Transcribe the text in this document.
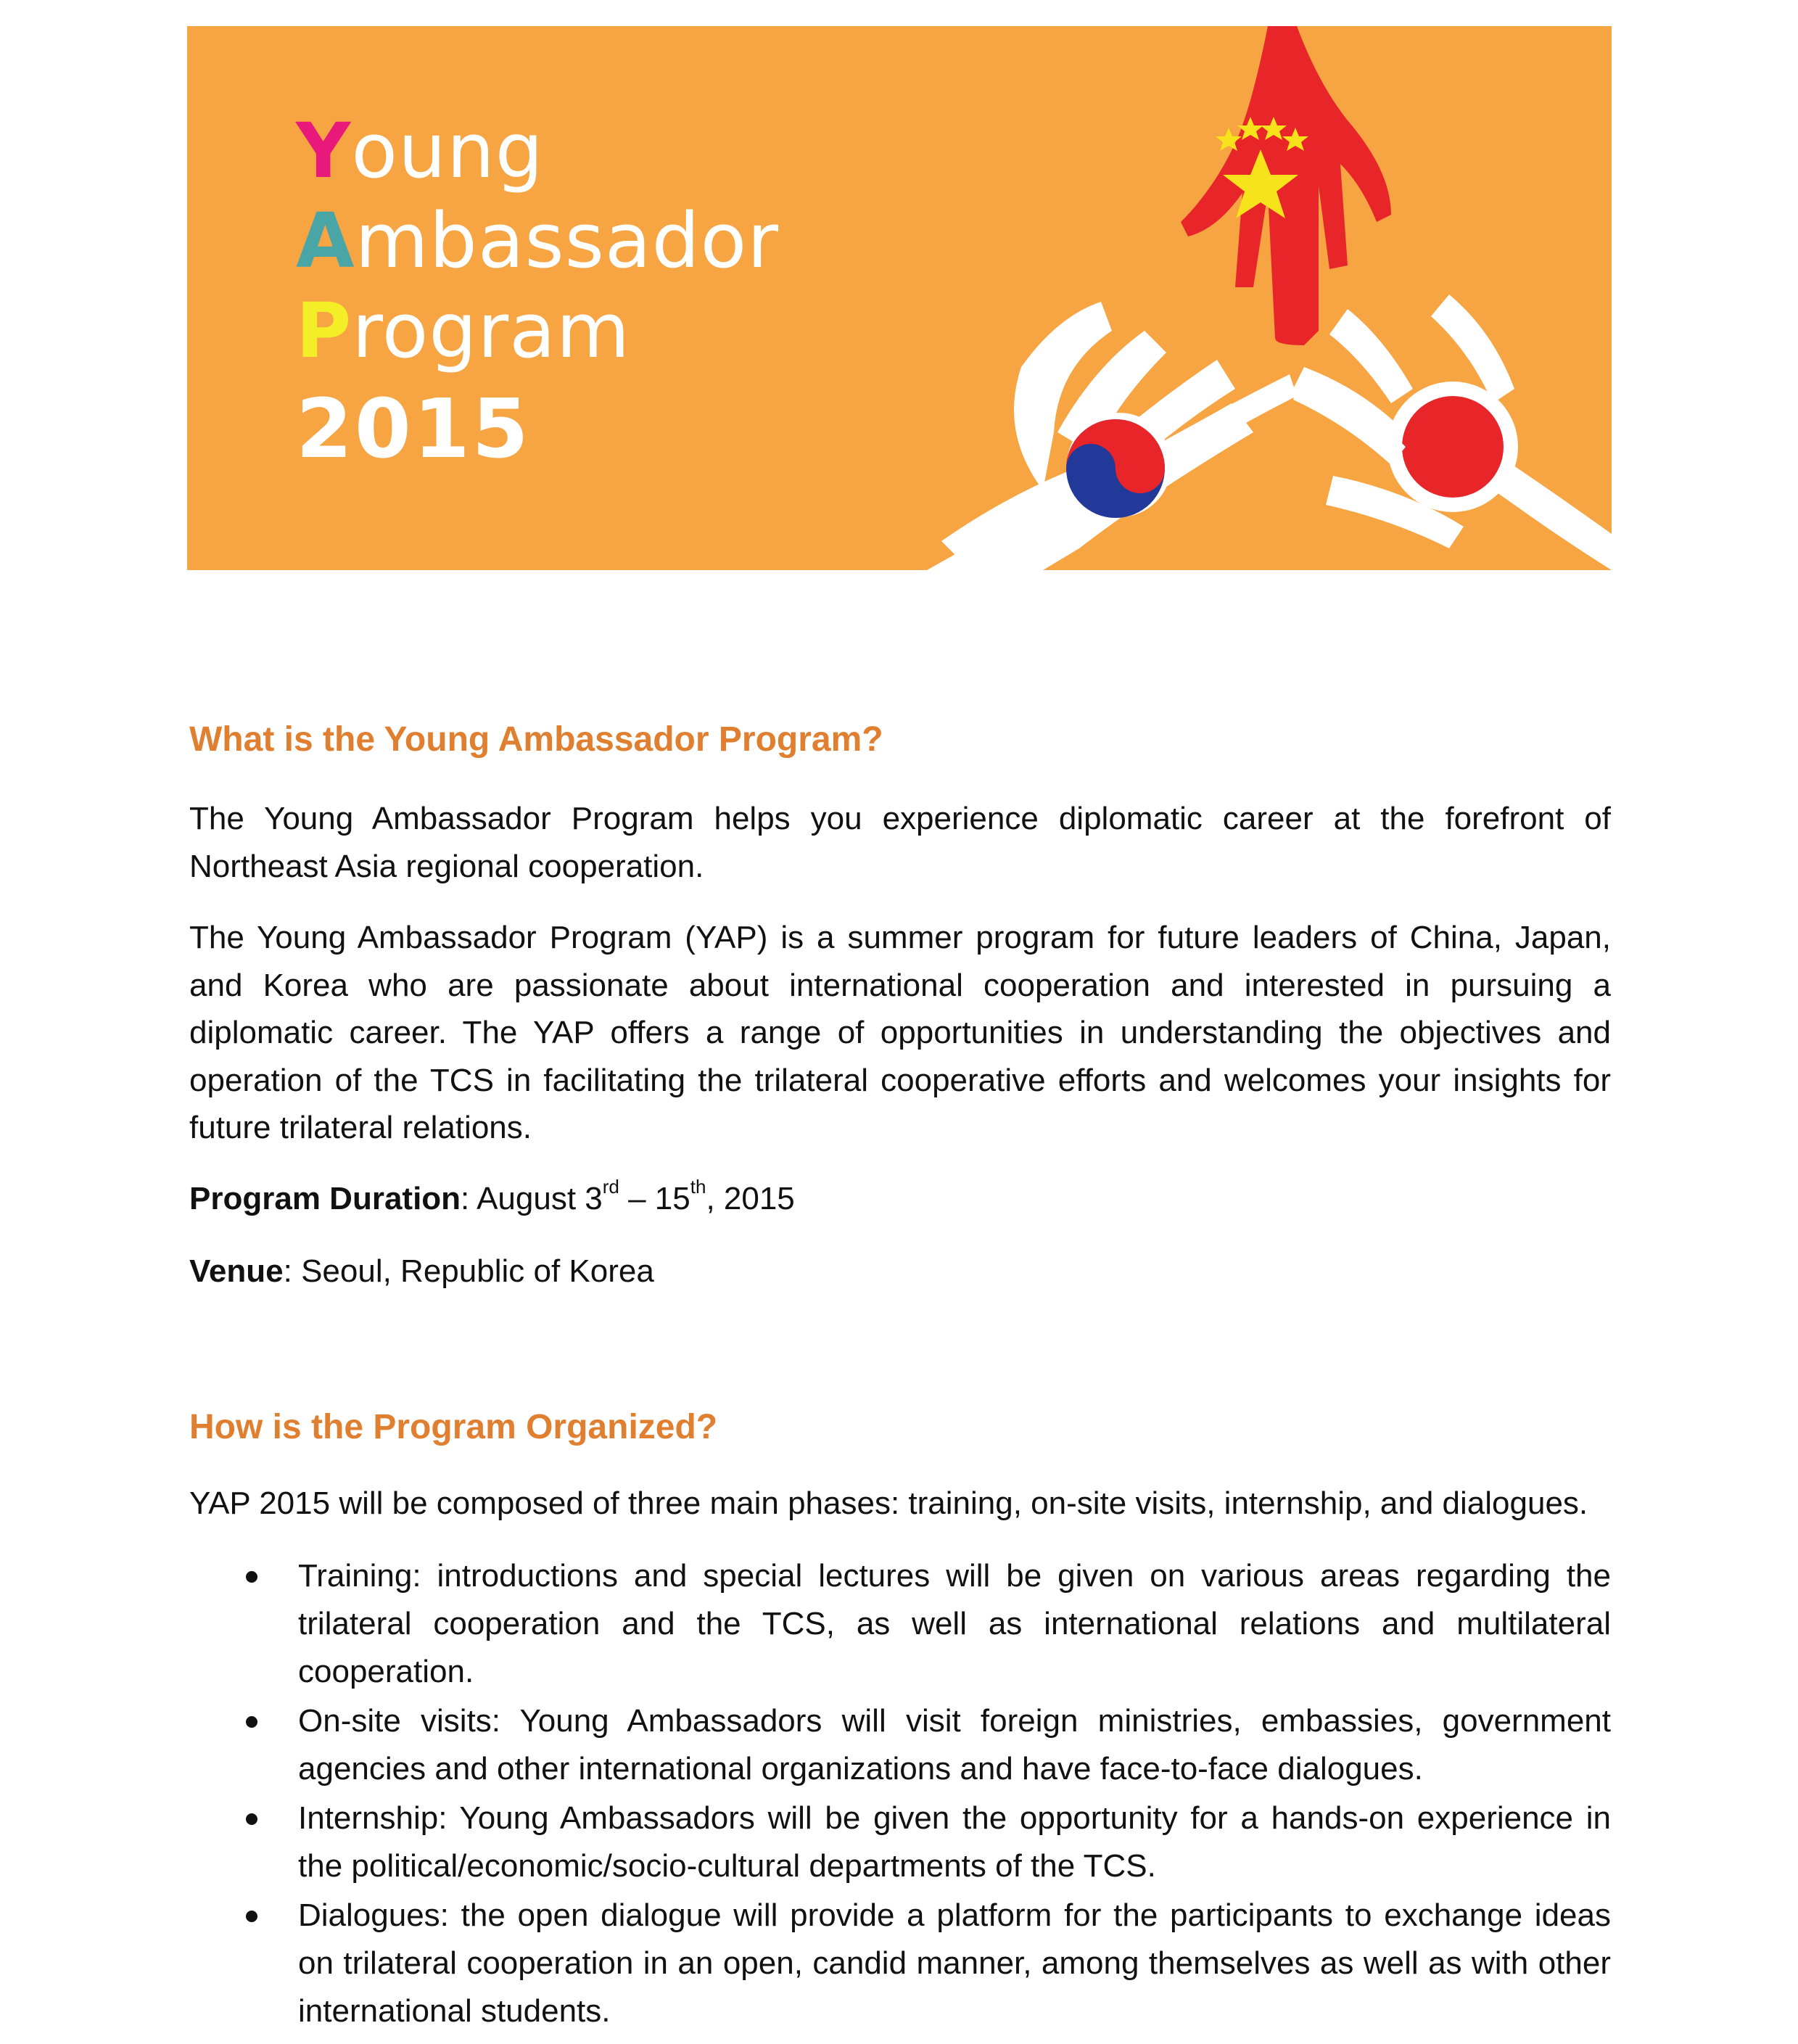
Young
Ambassador
Program
2015
What is the Young Ambassador Program?

The Young Ambassador Program helps you experience diplomatic career at the forefront of Northeast Asia regional cooperation.

The Young Ambassador Program (YAP) is a summer program for future leaders of China, Japan, and Korea who are passionate about international cooperation and interested in pursuing a diplomatic career. The YAP offers a range of opportunities in understanding the objectives and operation of the TCS in facilitating the trilateral cooperative efforts and welcomes your insights for future trilateral relations.

Program Duration: August 3rd – 15th, 2015

Venue: Seoul, Republic of Korea

How is the Program Organized?

YAP 2015 will be composed of three main phases: training, on-site visits, internship, and dialogues.

Training: introductions and special lectures will be given on various areas regarding the trilateral cooperation and the TCS, as well as international relations and multilateral cooperation.
On-site visits: Young Ambassadors will visit foreign ministries, embassies, government agencies and other international organizations and have face-to-face dialogues.
Internship: Young Ambassadors will be given the opportunity for a hands-on experience in the political/economic/socio-cultural departments of the TCS.
Dialogues: the open dialogue will provide a platform for the participants to exchange ideas on trilateral cooperation in an open, candid manner, among themselves as well as with other international students.
